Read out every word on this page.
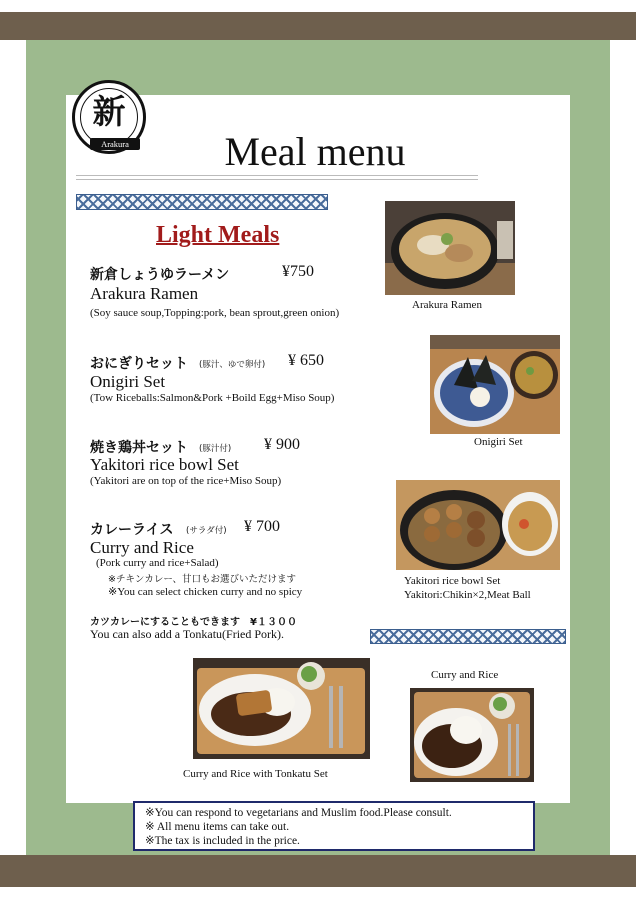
新
Arakura	Meal menu
Light Meals
新倉しょうゆラーメン	¥750
Arakura Ramen
(Soy sauce soup,Topping:pork, bean sprout,green onion)
おにぎりセット (豚汁、ゆで卵付) ¥ 650
Onigiri Set
(Tow Riceballs:Salmon&Pork +Boild Egg+Miso Soup)
焼き鶏丼セット (豚汁付) ¥ 900
Yakitori rice bowl Set
(Yakitori are on top of the rice+Miso Soup)
カレーライス (サラダ付) ¥ 700
Curry and Rice
(Pork curry and rice+Salad)
※チキンカレー、甘口もお選びいただけます
※You can select chicken curry and no spicy
カツカレーにすることもできます　¥１３００
You can also add a Tonkatu(Fried Pork).
Arakura Ramen
Onigiri Set
Yakitori rice bowl Set
Yakitori:Chikin×2,Meat Ball
Curry and Rice
Curry and Rice with Tonkatu Set
※You can respond to vegetarians and Muslim food.Please consult.
※ All menu items can take out.
※The tax is included in the price.
